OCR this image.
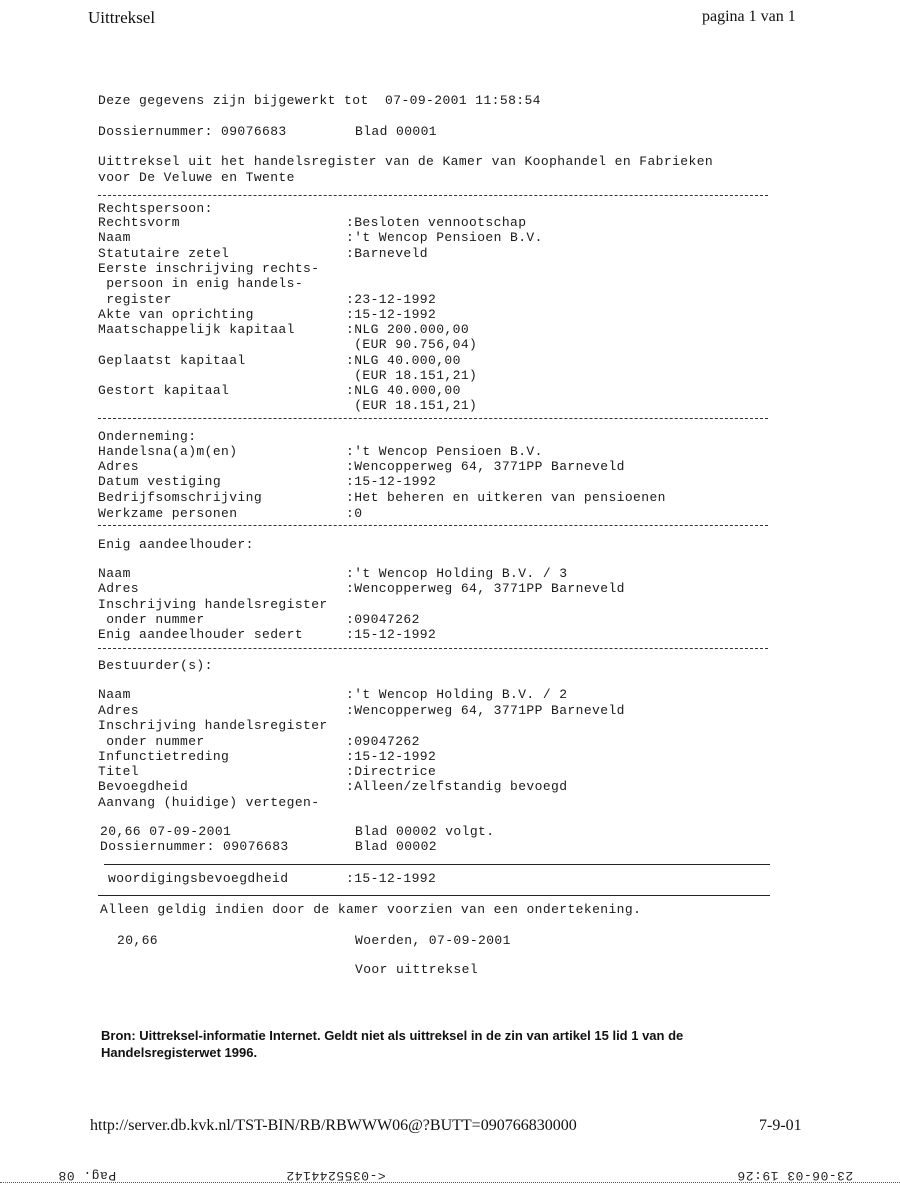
Uittreksel	pagina 1 van 1
Deze gegevens zijn bijgewerkt tot  07-09-2001 11:58:54
Dossiernummer: 09076683	Blad 00001
Uittreksel uit het handelsregister van de Kamer van Koophandel en Fabrieken
voor De Veluwe en Twente
Rechtspersoon:
Rechtsvorm	:Besloten vennootschap
Naam	:'t Wencop Pensioen B.V.
Statutaire zetel	:Barneveld
Eerste inschrijving rechts-
persoon in enig handels-
register	:23-12-1992
Akte van oprichting	:15-12-1992
Maatschappelijk kapitaal	:NLG 200.000,00
(EUR 90.756,04)
Geplaatst kapitaal	:NLG 40.000,00
(EUR 18.151,21)
Gestort kapitaal	:NLG 40.000,00
(EUR 18.151,21)
Onderneming:
Handelsna(a)m(en)	:'t Wencop Pensioen B.V.
Adres	:Wencopperweg 64, 3771PP Barneveld
Datum vestiging	:15-12-1992
Bedrijfsomschrijving	:Het beheren en uitkeren van pensioenen
Werkzame personen	:0
Enig aandeelhouder:
Naam	:'t Wencop Holding B.V. / 3
Adres	:Wencopperweg 64, 3771PP Barneveld
Inschrijving handelsregister
onder nummer	:09047262
Enig aandeelhouder sedert	:15-12-1992
Bestuurder(s):
Naam	:'t Wencop Holding B.V. / 2
Adres	:Wencopperweg 64, 3771PP Barneveld
Inschrijving handelsregister
onder nummer	:09047262
Infunctietreding	:15-12-1992
Titel	:Directrice
Bevoegdheid	:Alleen/zelfstandig bevoegd
Aanvang (huidige) vertegen-
20,66 07-09-2001	Blad 00002 volgt.
Dossiernummer: 09076683	Blad 00002
woordigingsbevoegdheid	:15-12-1992
Alleen geldig indien door de kamer voorzien van een ondertekening.
20,66	Woerden, 07-09-2001
Voor uittreksel
Bron: Uittreksel-informatie Internet. Geldt niet als uittreksel in de zin van artikel 15 lid 1 van de Handelsregisterwet 1996.
http://server.db.kvk.nl/TST-BIN/RB/RBWWW06@?BUTT=090766830000	7-9-01
Pag. 08	<-0355244142	23-06-03 19:26
